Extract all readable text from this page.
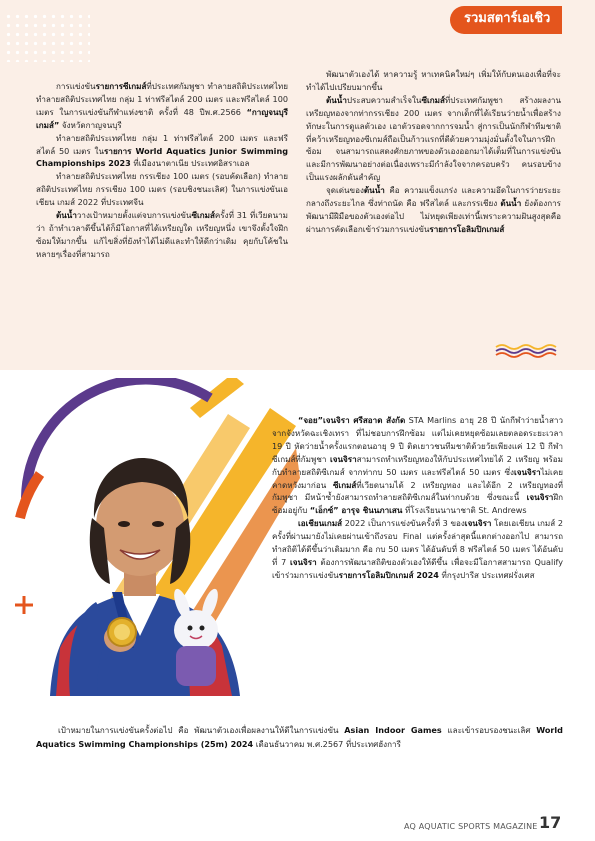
รวมสตาร์เอเชิว

การแข่งขันรายการซีเกมส์ที่ประเทศกัมพูชา ทำลายสถิติประเทศไทย ทำลายสถิติประเทศไทย กลุ่ม 1 ท่าฟรีสไตล์ 200 เมตร และฟรีสไตล์ 100 เมตร ในการแข่งขันกีฬาแห่งชาติ ครั้งที่ 48 ปีพ.ศ.2566 “กาญจนบุรี เกมส์” จังหวัดกาญจนบุรี

ทำลายสถิติประเทศไทย กลุ่ม 1 ท่าฟรีสไตล์ 200 เมตร และฟรีสไตล์ 50 เมตร ในรายการ World Aquatics Junior Swimming Championships 2023 ที่เมืองนาตาเนีย ประเทศอิสราเอล

ทำลายสถิติประเทศไทย กรรเชียง 100 เมตร (รอบคัดเลือก) ทำลายสถิติประเทศไทย กรรเชียง 100 เมตร (รอบชิงชนะเลิศ) ในการแข่งขันเอเชียน เกมส์ 2022 ที่ประเทศจีน

ต้นน้ำวางเป้าหมายตั้งแต่จบการแข่งขันซีเกมส์ครั้งที่ 31 ที่เวียดนามว่า ถ้าทำเวลาดีขึ้นได้ก็มีโอกาสที่ได้เหรียญใด เหรียญหนึ่ง เขาจึงตั้งใจฝึกซ้อมให้มากขึ้น แก้ไขสิ่งที่ยังทำได้ไม่ดีและทำให้ดีกว่าเดิม คุยกับโค้ชในหลายๆเรื่องที่สามารถ

พัฒนาตัวเองได้ หาความรู้ หาเทคนิคใหม่ๆ เพิ่มให้กับตนเองเพื่อที่จะทำได้ไปเปรียบมากขึ้น

ต้นน้ำประสบความสำเร็จในซีเกมส์ที่ประเทศกัมพูชา สร้างผลงานเหรียญทองจากท่ากรรเชียง 200 เมตร จากเด็กที่ได้เรียนว่ายน้ำเพื่อสร้างทักษะในการดูแลตัวเอง เอาตัวรอดจากการจมน้ำ สู่การเป็นนักกีฬาทีมชาติที่คว้าเหรียญทองซีเกมส์ถือเป็นก้าวแรกที่ดีด้วยความมุ่งมั่นตั้งใจในการฝึกซ้อม จนสามารถแสดงศักยภาพของตัวเองออกมาได้เต็มที่ในการแข่งขัน และมีการพัฒนาอย่างต่อเนื่องเพราะมีกำลังใจจากครอบครัว คนรอบข้าง เป็นแรงผลักดันสำคัญ

จุดเด่นของต้นน้ำ คือ ความแข็งแกร่ง และความอึดในการว่ายระยะกลางถึงระยะไกล ซึ่งท่าถนัด คือ ฟรีสไตล์ และกรรเชียง ต้นน้ำ ยังต้องการพัฒนามีฝีมือของตัวเองต่อไป ไม่หยุดเพียงเท่านี้เพราะความฝันสูงสุดคือ ผ่านการคัดเลือกเข้าร่วมการแข่งขันรายการโอลิมปิกเกมส์

“จอย”เจนจิรา ศรีสอาด สังกัด STA Marlins อายุ 28 ปี นักกีฬาว่ายน้ำสาวจากจังหวัดฉะเชิงเทรา ที่ไม่ชอบการฝึกซ้อม แต่ไม่เคยหยุดซ้อมเลยตลอดระยะเวลา 19 ปี หัดว่ายน้ำครั้งแรกตอนอายุ 9 ปี ติดเยาวชนทีมชาติด้วยวัยเพียงแค่ 12 ปี กีฬาซีเกมส์ที่กัมพูชา เจนจิราสามารถทำเหรียญทองให้กับประเทศไทยได้ 2 เหรียญ พร้อมกับทำลายสถิติซีเกมส์ จากท่ากบ 50 เมตร และฟรีสไตล์ 50 เมตร ซึ่งเจนจิราไม่เคยคาดหวังมาก่อน ซีเกมส์ที่เวียดนามได้ 2 เหรียญทอง และได้อีก 2 เหรียญทองที่กัมพูชา มีหน้าซ้ำยังสามารถทำลายสถิติซีเกมส์ในท่ากบด้วย ซึ่งขณะนี้ เจนจิราฝึกซ้อมอยู่กับ “เอ็กซ์” อารุจ ชินนภาเสน ที่โรงเรียนนานาชาติ St. Andrews

เอเชียนเกมส์ 2022 เป็นการแข่งขันครั้งที่ 3 ของเจนจิรา โดยเอเชียน เกมส์ 2 ครั้งที่ผ่านมายังไม่เคยผ่านเข้าถึงรอบ Final แต่ครั้งล่าสุดนี้แตกต่างออกไป สามารถทำสถิติได้ดีขึ้นว่าเดิมมาก คือ กบ 50 เมตร ได้อันดับที่ 8 ฟรีสไตล์ 50 เมตร ได้อันดับที่ 7 เจนจิรา ต้องการพัฒนาสถิติของตัวเองให้ดีขึ้น เพื่อจะมีโอกาสสามารถ Qualify เข้าร่วมการแข่งขันรายการโอลิมปิกเกมส์ 2024 ที่กรุงปารีส ประเทศฝรั่งเศส

เป้าหมายในการแข่งขันครั้งต่อไป คือ พัฒนาตัวเองเพื่อผลงานให้ดีในการแข่งขัน Asian Indoor Games และเข้ารอบรองชนะเลิศ World Aquatics Swimming Championships (25m) 2024 เดือนธันวาคม พ.ศ.2567 ที่ประเทศฮังการี

AQ AQUATIC SPORTS MAGAZINE 17
